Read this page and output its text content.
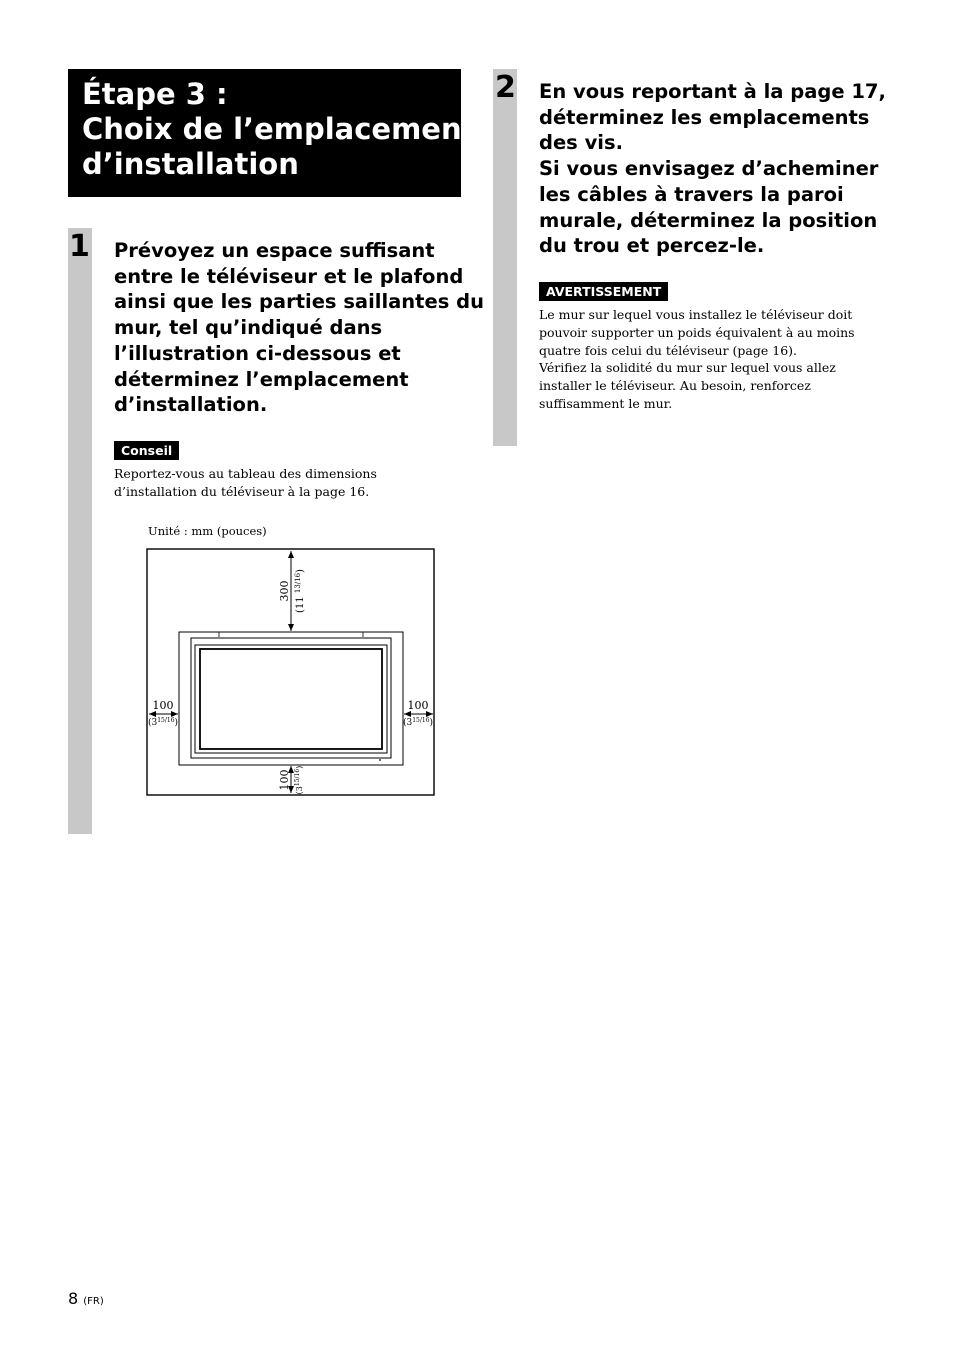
Étape 3 :
Choix de l’emplacement
d’installation
1 Prévoyez un espace suffisant
entre le téléviseur et le plafond
ainsi que les parties saillantes du
mur, tel qu’indiqué dans
l’illustration ci-dessous et
déterminez l’emplacement
d’installation.
Conseil
Reportez-vous au tableau des dimensions
d’installation du téléviseur à la page 16.
Unité : mm (pouces)
300
(11 $^{13/16}$)
100
$(3^{15/16})$
100
$(3^{15/16})$
100 $(3^{15/16})$
2 En vous reportant à la page 17,
déterminez les emplacements
des vis.
Si vous envisagez d’acheminer
les câbles à travers la paroi
murale, déterminez la position
du trou et percez-le.
AVERTISSEMENT
Le mur sur lequel vous installez le téléviseur doit
pouvoir supporter un poids équivalent à au moins
quatre fois celui du téléviseur (page 16).
Vérifiez la solidité du mur sur lequel vous allez
installer le téléviseur. Au besoin, renforcez
suffisamment le mur.
8 (FR)
